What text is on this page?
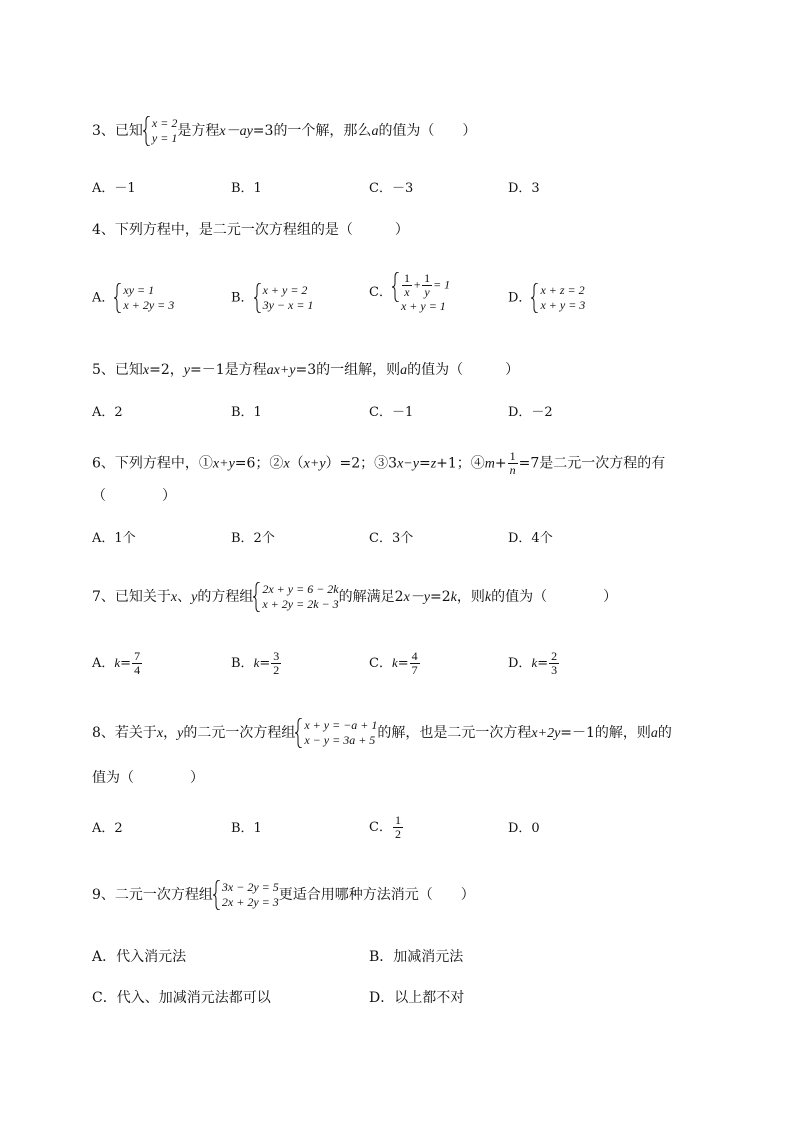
3、已知 x = 2
y = 1 是方程x－ay=3的一个解，那么a的值为（　　）
A．－1	B．1	C．－3	D．3
4、下列方程中，是二元一次方程组的是（　　　）
A．
xy = 1
x + 2y = 3	B．
x + y = 2
3y − x = 1
C． $\frac{1}{x} + \frac{1}{y} = 1$
x + y = 1
D．
x + z = 2
x + y = 3
5、已知x=2，y=－1是方程ax+y=3的一组解，则a的值为（　　　）
A．2	B．1	C．－1	D．－2
6、下列方程中，①x+y=6；②x（x+y）=2；③3x−y=z+1；④m+ $\frac{1}{n} =7$是二元一次方程的有
（　　　　）
A．1个	B．2个	C．3个	D．4个
7、已知关于x、y的方程组 2x + y = 6 − 2k
x + 2y = 2k − 3 的解满足2x－y=2k，则k的值为（　　　　）
A．$k= \frac{7}{4}$	B．$k= \frac{3}{2}$	C．$k= \frac{4}{7}$	D．$k= \frac{2}{3}$
8、若关于x，y的二元一次方程组 x + y = −a + 1
x − y = 3a + 5 的解，也是二元一次方程x+2y=－1的解，则a的
值为（　　　　）
A．2	B．1	C． $\frac{1}{2}$	D．0
9、二元一次方程组 3x − 2y = 5
2x + 2y = 3 更适合用哪种方法消元（　　）
A．代入消元法	B．加减消元法
C．代入、加减消元法都可以	D．以上都不对
